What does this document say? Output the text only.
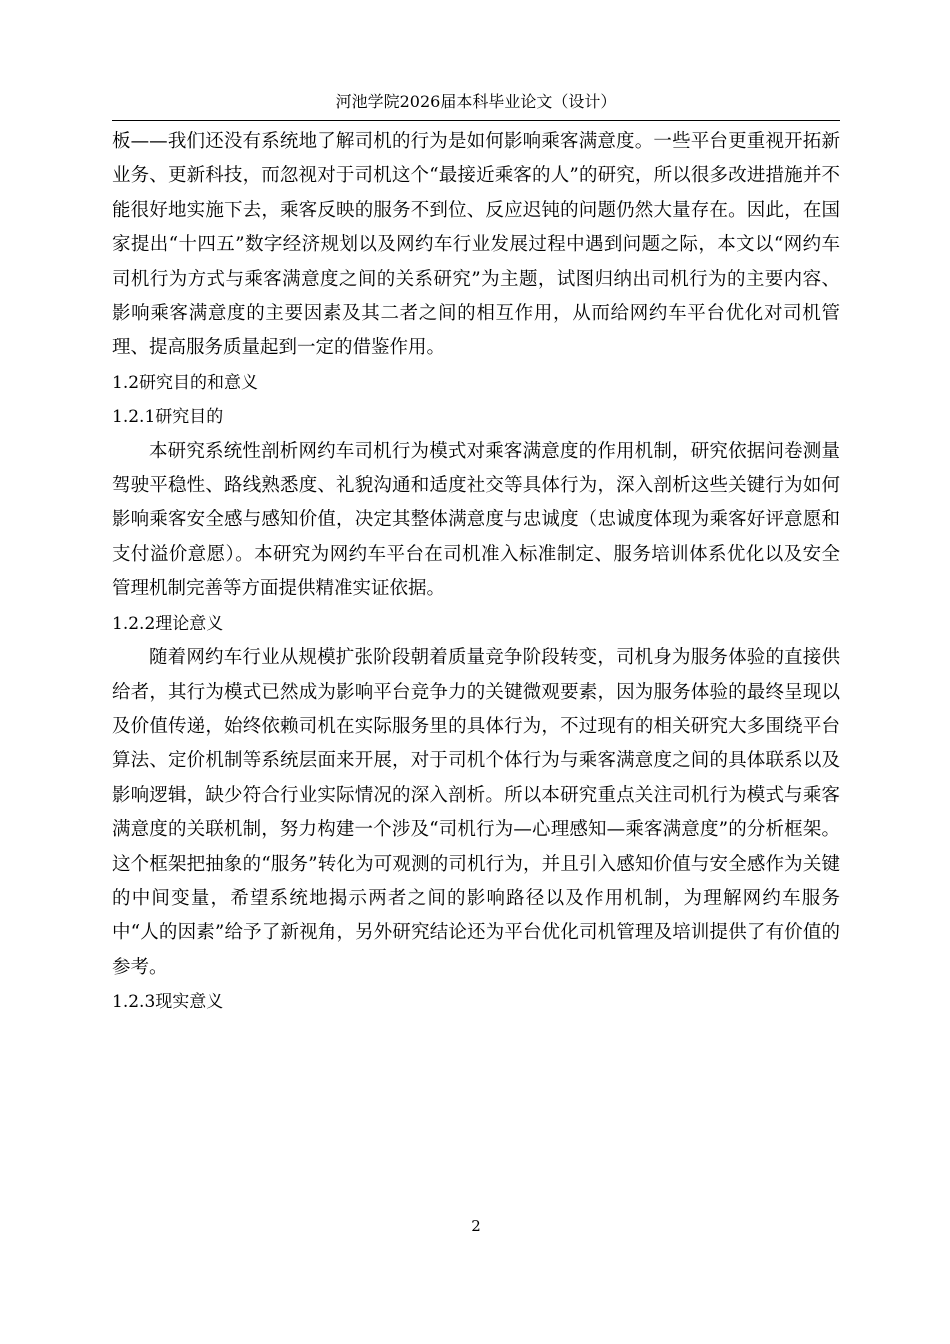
河池学院2026届本科毕业论文（设计）

板——我们还没有系统地了解司机的行为是如何影响乘客满意度。一些平台更重视开拓新业务、更新科技，而忽视对于司机这个“最接近乘客的人”的研究，所以很多改进措施并不能很好地实施下去，乘客反映的服务不到位、反应迟钝的问题仍然大量存在。因此，在国家提出“十四五”数字经济规划以及网约车行业发展过程中遇到问题之际，本文以“网约车司机行为方式与乘客满意度之间的关系研究”为主题，试图归纳出司机行为的主要内容、影响乘客满意度的主要因素及其二者之间的相互作用，从而给网约车平台优化对司机管理、提高服务质量起到一定的借鉴作用。

1.2研究目的和意义

1.2.1研究目的

本研究系统性剖析网约车司机行为模式对乘客满意度的作用机制，研究依据问卷测量驾驶平稳性、路线熟悉度、礼貌沟通和适度社交等具体行为，深入剖析这些关键行为如何影响乘客安全感与感知价值，决定其整体满意度与忠诚度（忠诚度体现为乘客好评意愿和支付溢价意愿）。本研究为网约车平台在司机准入标准制定、服务培训体系优化以及安全管理机制完善等方面提供精准实证依据。

1.2.2理论意义

随着网约车行业从规模扩张阶段朝着质量竞争阶段转变，司机身为服务体验的直接供给者，其行为模式已然成为影响平台竞争力的关键微观要素，因为服务体验的最终呈现以及价值传递，始终依赖司机在实际服务里的具体行为，不过现有的相关研究大多围绕平台算法、定价机制等系统层面来开展，对于司机个体行为与乘客满意度之间的具体联系以及影响逻辑，缺少符合行业实际情况的深入剖析。所以本研究重点关注司机行为模式与乘客满意度的关联机制，努力构建一个涉及“司机行为—心理感知—乘客满意度”的分析框架。这个框架把抽象的“服务”转化为可观测的司机行为，并且引入感知价值与安全感作为关键的中间变量，希望系统地揭示两者之间的影响路径以及作用机制，为理解网约车服务中“人的因素”给予了新视角，另外研究结论还为平台优化司机管理及培训提供了有价值的参考。

1.2.3现实意义

2
